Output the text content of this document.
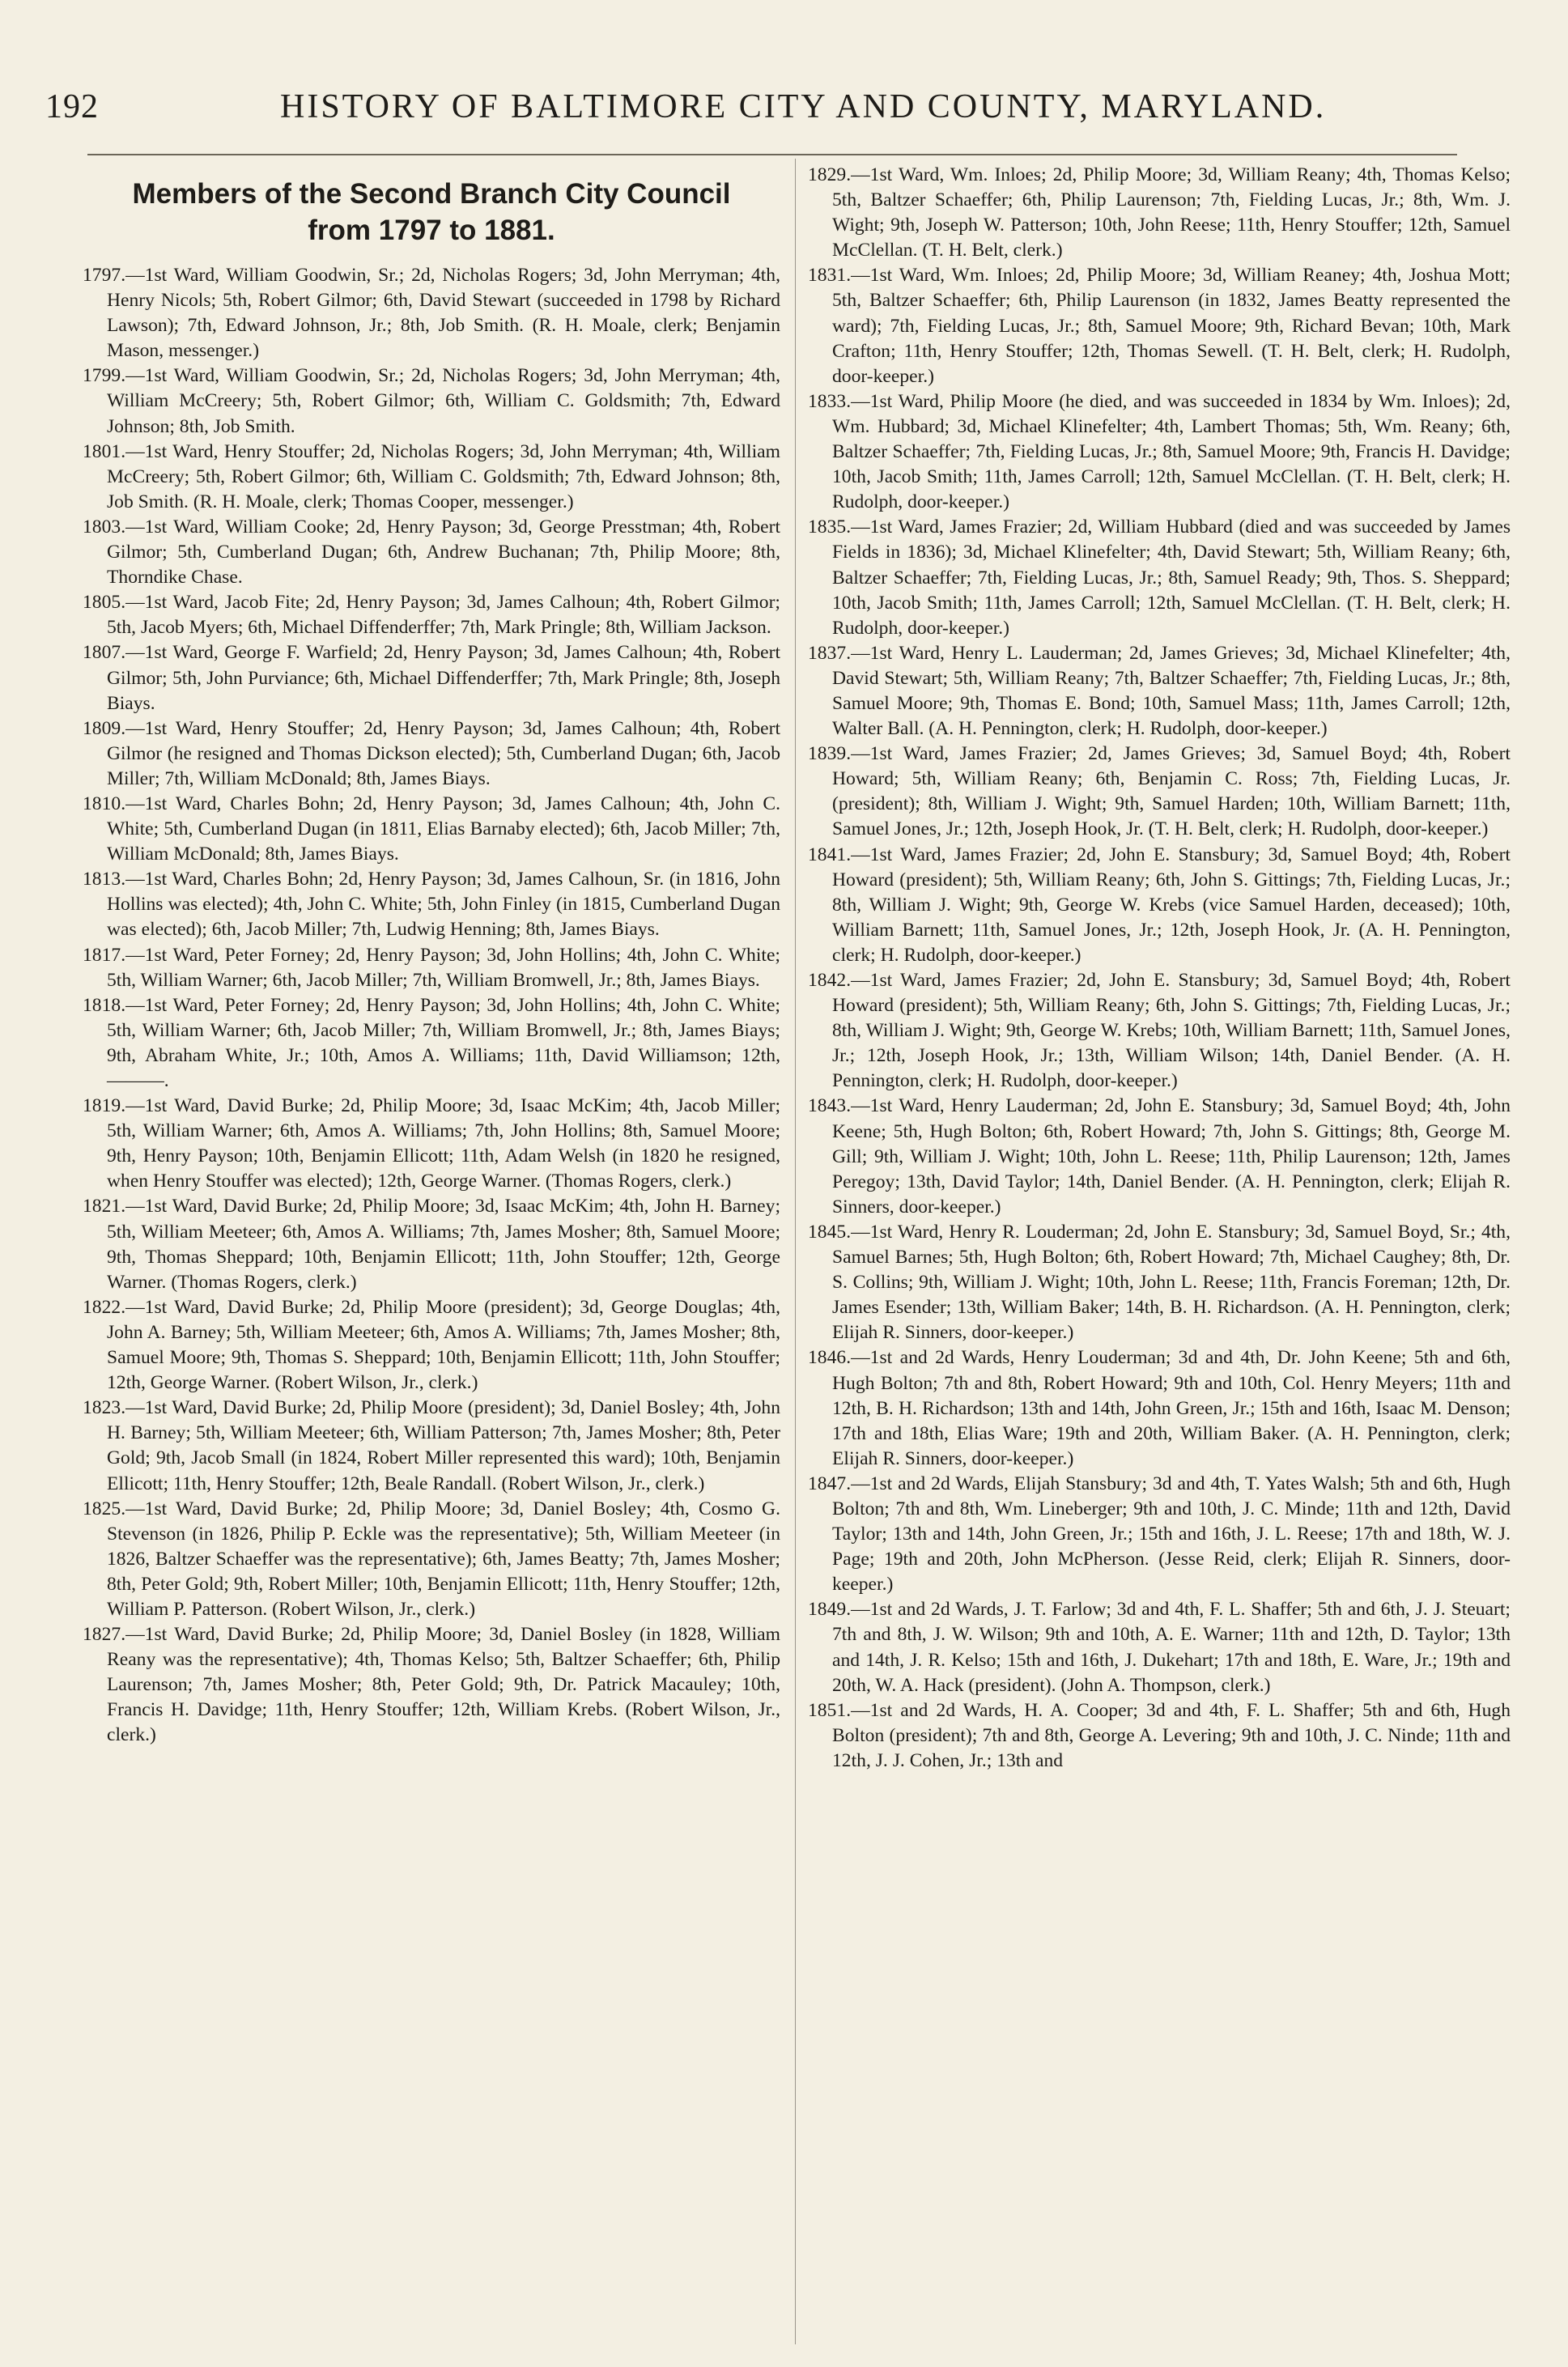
192	HISTORY OF BALTIMORE CITY AND COUNTY, MARYLAND.
Members of the Second Branch City Council from 1797 to 1881.

1797.—1st Ward, William Goodwin, Sr.; 2d, Nicholas Rogers; 3d, John Merryman; 4th, Henry Nicols; 5th, Robert Gilmor; 6th, David Stewart (succeeded in 1798 by Richard Lawson); 7th, Edward Johnson, Jr.; 8th, Job Smith. (R. H. Moale, clerk; Benjamin Mason, messenger.)

1799.—1st Ward, William Goodwin, Sr.; 2d, Nicholas Rogers; 3d, John Merryman; 4th, William McCreery; 5th, Robert Gilmor; 6th, William C. Goldsmith; 7th, Edward Johnson; 8th, Job Smith.

1801.—1st Ward, Henry Stouffer; 2d, Nicholas Rogers; 3d, John Merryman; 4th, William McCreery; 5th, Robert Gilmor; 6th, William C. Goldsmith; 7th, Edward Johnson; 8th, Job Smith. (R. H. Moale, clerk; Thomas Cooper, messenger.)

1803.—1st Ward, William Cooke; 2d, Henry Payson; 3d, George Presstman; 4th, Robert Gilmor; 5th, Cumberland Dugan; 6th, Andrew Buchanan; 7th, Philip Moore; 8th, Thorndike Chase.

1805.—1st Ward, Jacob Fite; 2d, Henry Payson; 3d, James Calhoun; 4th, Robert Gilmor; 5th, Jacob Myers; 6th, Michael Diffenderffer; 7th, Mark Pringle; 8th, William Jackson.

1807.—1st Ward, George F. Warfield; 2d, Henry Payson; 3d, James Calhoun; 4th, Robert Gilmor; 5th, John Purviance; 6th, Michael Diffenderffer; 7th, Mark Pringle; 8th, Joseph Biays.

1809.—1st Ward, Henry Stouffer; 2d, Henry Payson; 3d, James Calhoun; 4th, Robert Gilmor (he resigned and Thomas Dickson elected); 5th, Cumberland Dugan; 6th, Jacob Miller; 7th, William McDonald; 8th, James Biays.

1810.—1st Ward, Charles Bohn; 2d, Henry Payson; 3d, James Calhoun; 4th, John C. White; 5th, Cumberland Dugan (in 1811, Elias Barnaby elected); 6th, Jacob Miller; 7th, William McDonald; 8th, James Biays.

1813.—1st Ward, Charles Bohn; 2d, Henry Payson; 3d, James Calhoun, Sr. (in 1816, John Hollins was elected); 4th, John C. White; 5th, John Finley (in 1815, Cumberland Dugan was elected); 6th, Jacob Miller; 7th, Ludwig Henning; 8th, James Biays.

1817.—1st Ward, Peter Forney; 2d, Henry Payson; 3d, John Hollins; 4th, John C. White; 5th, William Warner; 6th, Jacob Miller; 7th, William Bromwell, Jr.; 8th, James Biays.

1818.—1st Ward, Peter Forney; 2d, Henry Payson; 3d, John Hollins; 4th, John C. White; 5th, William Warner; 6th, Jacob Miller; 7th, William Bromwell, Jr.; 8th, James Biays; 9th, Abraham White, Jr.; 10th, Amos A. Williams; 11th, David Williamson; 12th, ———.

1819.—1st Ward, David Burke; 2d, Philip Moore; 3d, Isaac McKim; 4th, Jacob Miller; 5th, William Warner; 6th, Amos A. Williams; 7th, John Hollins; 8th, Samuel Moore; 9th, Henry Payson; 10th, Benjamin Ellicott; 11th, Adam Welsh (in 1820 he resigned, when Henry Stouffer was elected); 12th, George Warner. (Thomas Rogers, clerk.)

1821.—1st Ward, David Burke; 2d, Philip Moore; 3d, Isaac McKim; 4th, John H. Barney; 5th, William Meeteer; 6th, Amos A. Williams; 7th, James Mosher; 8th, Samuel Moore; 9th, Thomas Sheppard; 10th, Benjamin Ellicott; 11th, John Stouffer; 12th, George Warner. (Thomas Rogers, clerk.)

1822.—1st Ward, David Burke; 2d, Philip Moore (president); 3d, George Douglas; 4th, John A. Barney; 5th, William Meeteer; 6th, Amos A. Williams; 7th, James Mosher; 8th, Samuel Moore; 9th, Thomas S. Sheppard; 10th, Benjamin Ellicott; 11th, John Stouffer; 12th, George Warner. (Robert Wilson, Jr., clerk.)

1823.—1st Ward, David Burke; 2d, Philip Moore (president); 3d, Daniel Bosley; 4th, John H. Barney; 5th, William Meeteer; 6th, William Patterson; 7th, James Mosher; 8th, Peter Gold; 9th, Jacob Small (in 1824, Robert Miller represented this ward); 10th, Benjamin Ellicott; 11th, Henry Stouffer; 12th, Beale Randall. (Robert Wilson, Jr., clerk.)

1825.—1st Ward, David Burke; 2d, Philip Moore; 3d, Daniel Bosley; 4th, Cosmo G. Stevenson (in 1826, Philip P. Eckle was the representative); 5th, William Meeteer (in 1826, Baltzer Schaeffer was the representative); 6th, James Beatty; 7th, James Mosher; 8th, Peter Gold; 9th, Robert Miller; 10th, Benjamin Ellicott; 11th, Henry Stouffer; 12th, William P. Patterson. (Robert Wilson, Jr., clerk.)

1827.—1st Ward, David Burke; 2d, Philip Moore; 3d, Daniel Bosley (in 1828, William Reany was the representative); 4th, Thomas Kelso; 5th, Baltzer Schaeffer; 6th, Philip Laurenson; 7th, James Mosher; 8th, Peter Gold; 9th, Dr. Patrick Macauley; 10th, Francis H. Davidge; 11th, Henry Stouffer; 12th, William Krebs. (Robert Wilson, Jr., clerk.)

1829.—1st Ward, Wm. Inloes; 2d, Philip Moore; 3d, William Reany; 4th, Thomas Kelso; 5th, Baltzer Schaeffer; 6th, Philip Laurenson; 7th, Fielding Lucas, Jr.; 8th, Wm. J. Wight; 9th, Joseph W. Patterson; 10th, John Reese; 11th, Henry Stouffer; 12th, Samuel McClellan. (T. H. Belt, clerk.)

1831.—1st Ward, Wm. Inloes; 2d, Philip Moore; 3d, William Reaney; 4th, Joshua Mott; 5th, Baltzer Schaeffer; 6th, Philip Laurenson (in 1832, James Beatty represented the ward); 7th, Fielding Lucas, Jr.; 8th, Samuel Moore; 9th, Richard Bevan; 10th, Mark Crafton; 11th, Henry Stouffer; 12th, Thomas Sewell. (T. H. Belt, clerk; H. Rudolph, door-keeper.)

1833.—1st Ward, Philip Moore (he died, and was succeeded in 1834 by Wm. Inloes); 2d, Wm. Hubbard; 3d, Michael Klinefelter; 4th, Lambert Thomas; 5th, Wm. Reany; 6th, Baltzer Schaeffer; 7th, Fielding Lucas, Jr.; 8th, Samuel Moore; 9th, Francis H. Davidge; 10th, Jacob Smith; 11th, James Carroll; 12th, Samuel McClellan. (T. H. Belt, clerk; H. Rudolph, door-keeper.)

1835.—1st Ward, James Frazier; 2d, William Hubbard (died and was succeeded by James Fields in 1836); 3d, Michael Klinefelter; 4th, David Stewart; 5th, William Reany; 6th, Baltzer Schaeffer; 7th, Fielding Lucas, Jr.; 8th, Samuel Ready; 9th, Thos. S. Sheppard; 10th, Jacob Smith; 11th, James Carroll; 12th, Samuel McClellan. (T. H. Belt, clerk; H. Rudolph, door-keeper.)

1837.—1st Ward, Henry L. Lauderman; 2d, James Grieves; 3d, Michael Klinefelter; 4th, David Stewart; 5th, William Reany; 7th, Baltzer Schaeffer; 7th, Fielding Lucas, Jr.; 8th, Samuel Moore; 9th, Thomas E. Bond; 10th, Samuel Mass; 11th, James Carroll; 12th, Walter Ball. (A. H. Pennington, clerk; H. Rudolph, door-keeper.)

1839.—1st Ward, James Frazier; 2d, James Grieves; 3d, Samuel Boyd; 4th, Robert Howard; 5th, William Reany; 6th, Benjamin C. Ross; 7th, Fielding Lucas, Jr. (president); 8th, William J. Wight; 9th, Samuel Harden; 10th, William Barnett; 11th, Samuel Jones, Jr.; 12th, Joseph Hook, Jr. (T. H. Belt, clerk; H. Rudolph, door-keeper.)

1841.—1st Ward, James Frazier; 2d, John E. Stansbury; 3d, Samuel Boyd; 4th, Robert Howard (president); 5th, William Reany; 6th, John S. Gittings; 7th, Fielding Lucas, Jr.; 8th, William J. Wight; 9th, George W. Krebs (vice Samuel Harden, deceased); 10th, William Barnett; 11th, Samuel Jones, Jr.; 12th, Joseph Hook, Jr. (A. H. Pennington, clerk; H. Rudolph, door-keeper.)

1842.—1st Ward, James Frazier; 2d, John E. Stansbury; 3d, Samuel Boyd; 4th, Robert Howard (president); 5th, William Reany; 6th, John S. Gittings; 7th, Fielding Lucas, Jr.; 8th, William J. Wight; 9th, George W. Krebs; 10th, William Barnett; 11th, Samuel Jones, Jr.; 12th, Joseph Hook, Jr.; 13th, William Wilson; 14th, Daniel Bender. (A. H. Pennington, clerk; H. Rudolph, door-keeper.)

1843.—1st Ward, Henry Lauderman; 2d, John E. Stansbury; 3d, Samuel Boyd; 4th, John Keene; 5th, Hugh Bolton; 6th, Robert Howard; 7th, John S. Gittings; 8th, George M. Gill; 9th, William J. Wight; 10th, John L. Reese; 11th, Philip Laurenson; 12th, James Peregoy; 13th, David Taylor; 14th, Daniel Bender. (A. H. Pennington, clerk; Elijah R. Sinners, door-keeper.)

1845.—1st Ward, Henry R. Louderman; 2d, John E. Stansbury; 3d, Samuel Boyd, Sr.; 4th, Samuel Barnes; 5th, Hugh Bolton; 6th, Robert Howard; 7th, Michael Caughey; 8th, Dr. S. Collins; 9th, William J. Wight; 10th, John L. Reese; 11th, Francis Foreman; 12th, Dr. James Esender; 13th, William Baker; 14th, B. H. Richardson. (A. H. Pennington, clerk; Elijah R. Sinners, door-keeper.)

1846.—1st and 2d Wards, Henry Louderman; 3d and 4th, Dr. John Keene; 5th and 6th, Hugh Bolton; 7th and 8th, Robert Howard; 9th and 10th, Col. Henry Meyers; 11th and 12th, B. H. Richardson; 13th and 14th, John Green, Jr.; 15th and 16th, Isaac M. Denson; 17th and 18th, Elias Ware; 19th and 20th, William Baker. (A. H. Pennington, clerk; Elijah R. Sinners, door-keeper.)

1847.—1st and 2d Wards, Elijah Stansbury; 3d and 4th, T. Yates Walsh; 5th and 6th, Hugh Bolton; 7th and 8th, Wm. Lineberger; 9th and 10th, J. C. Minde; 11th and 12th, David Taylor; 13th and 14th, John Green, Jr.; 15th and 16th, J. L. Reese; 17th and 18th, W. J. Page; 19th and 20th, John McPherson. (Jesse Reid, clerk; Elijah R. Sinners, door-keeper.)

1849.—1st and 2d Wards, J. T. Farlow; 3d and 4th, F. L. Shaffer; 5th and 6th, J. J. Steuart; 7th and 8th, J. W. Wilson; 9th and 10th, A. E. Warner; 11th and 12th, D. Taylor; 13th and 14th, J. R. Kelso; 15th and 16th, J. Dukehart; 17th and 18th, E. Ware, Jr.; 19th and 20th, W. A. Hack (president). (John A. Thompson, clerk.)

1851.—1st and 2d Wards, H. A. Cooper; 3d and 4th, F. L. Shaffer; 5th and 6th, Hugh Bolton (president); 7th and 8th, George A. Levering; 9th and 10th, J. C. Ninde; 11th and 12th, J. J. Cohen, Jr.; 13th and
